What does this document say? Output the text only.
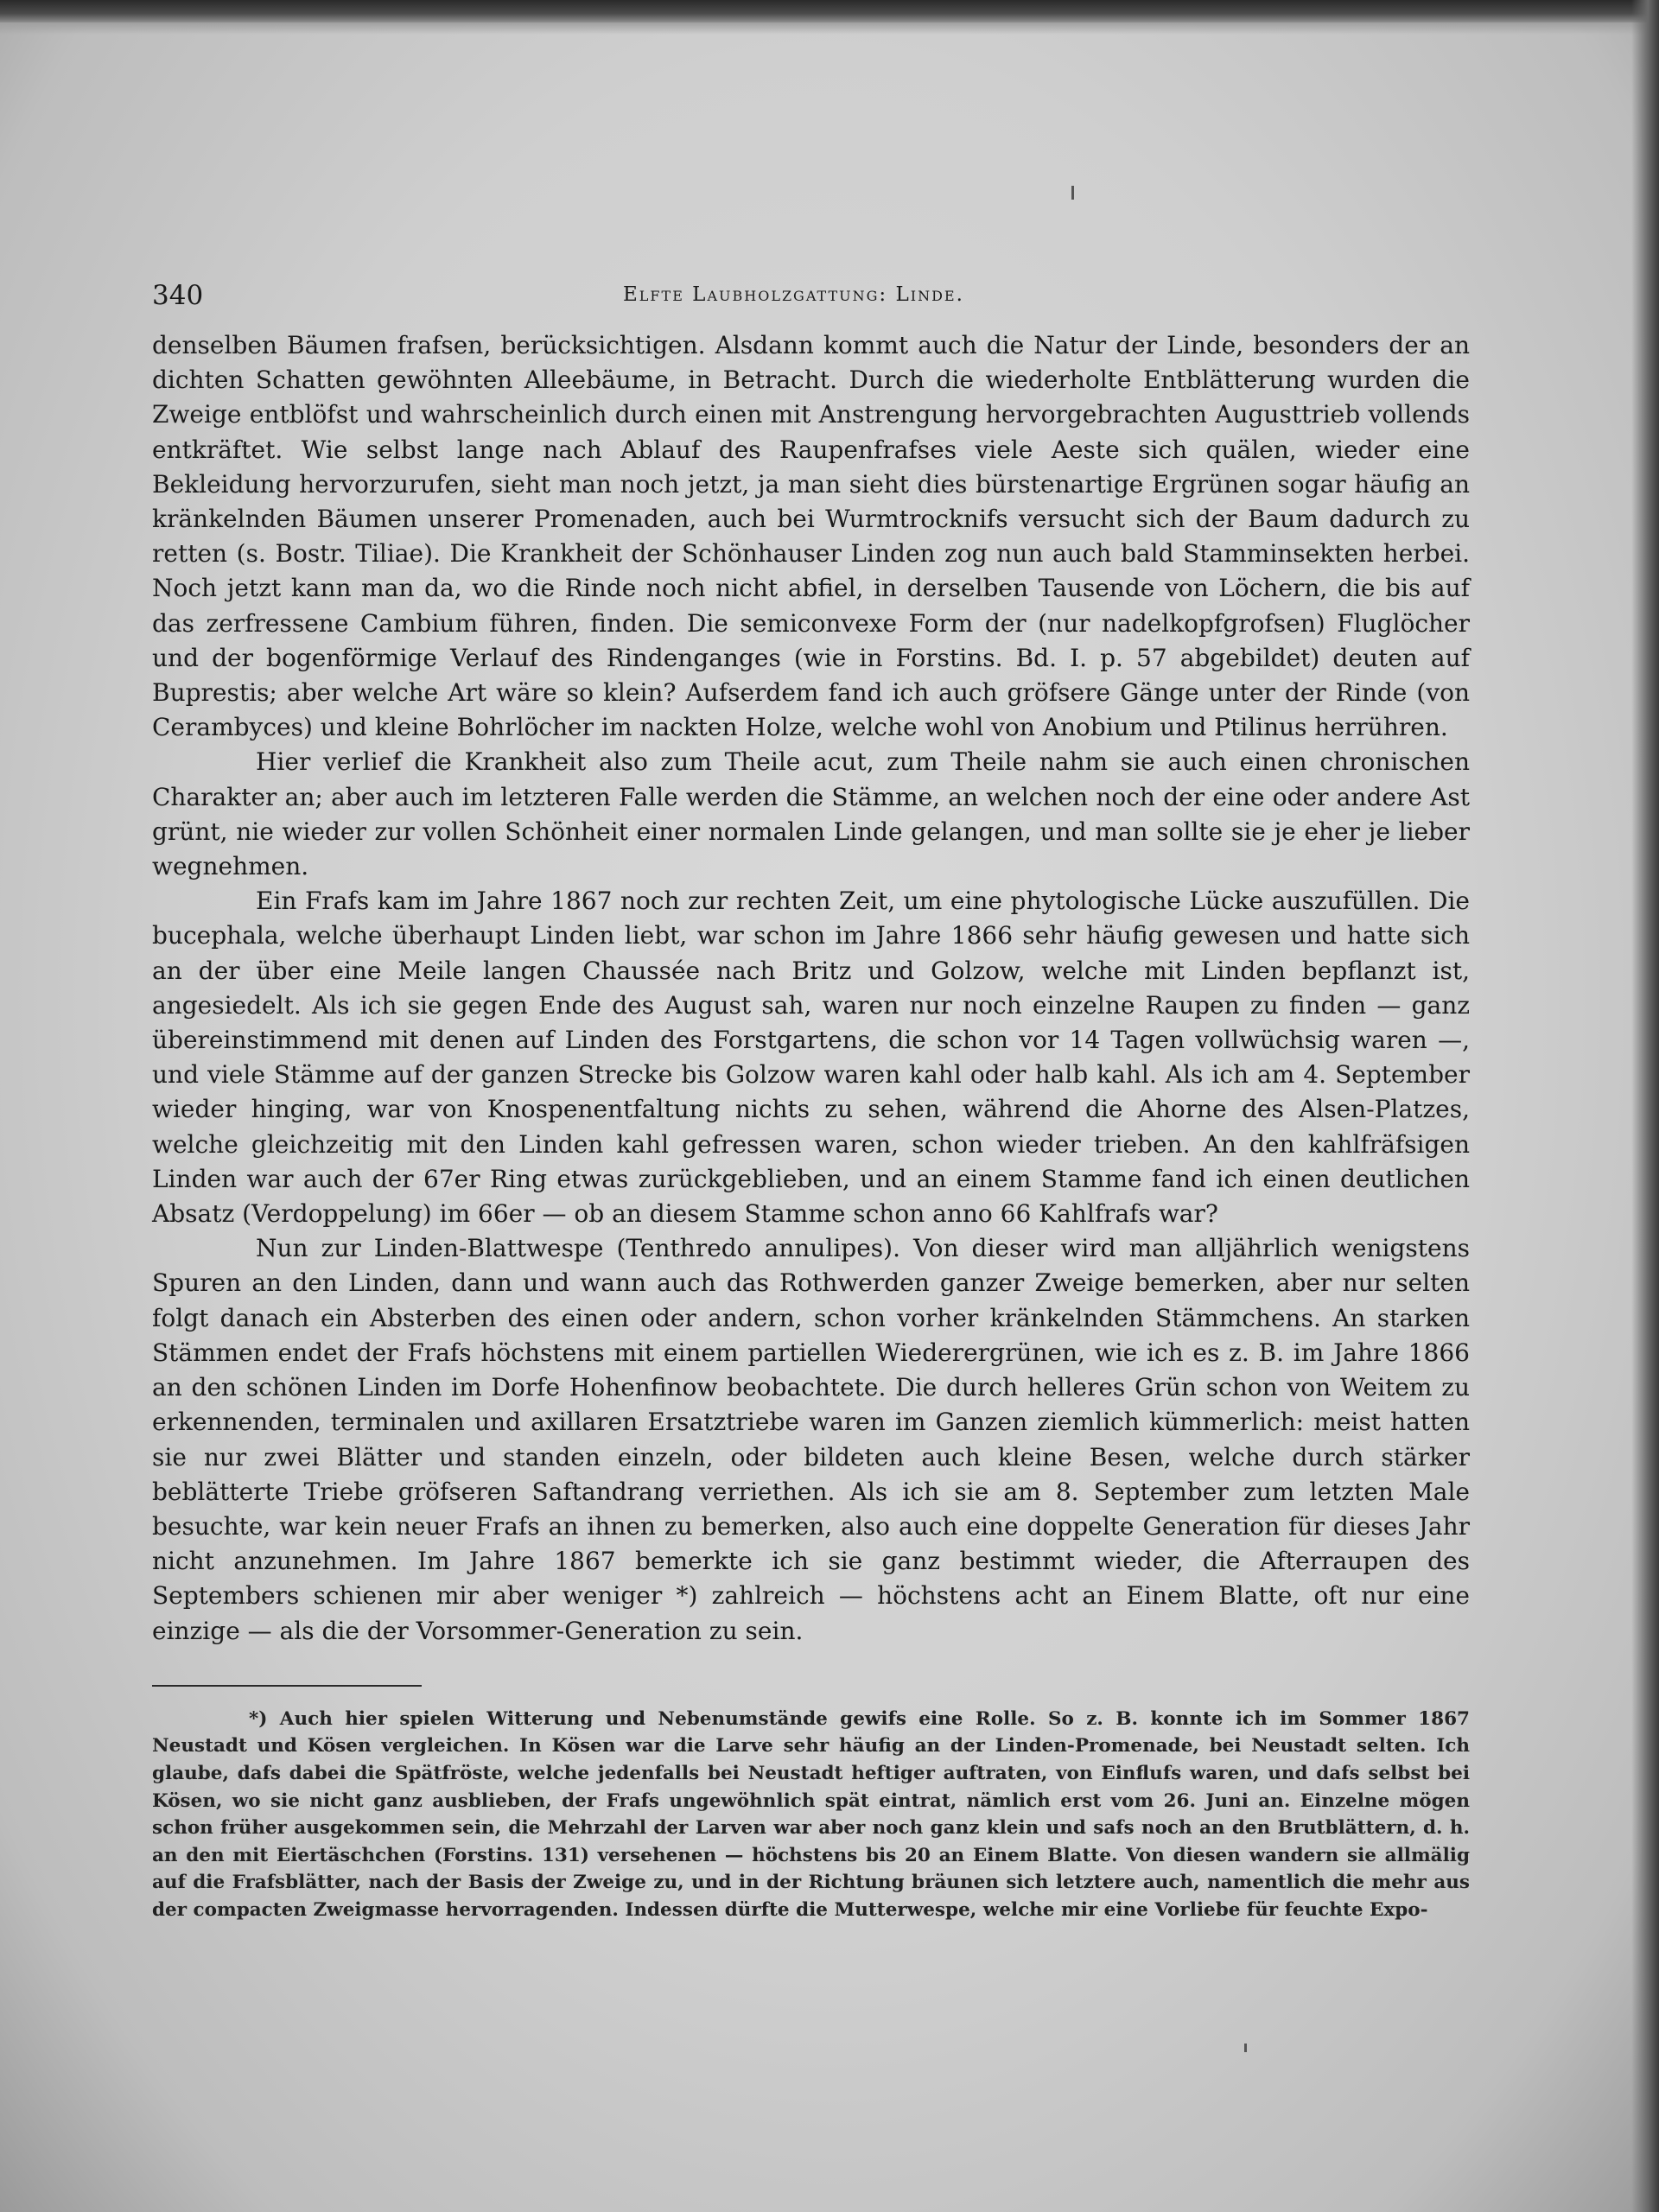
340	Elfte Laubholzgattung: Linde.

denselben Bäumen frafsen, berücksichtigen. Alsdann kommt auch die Natur der Linde, besonders der an dichten Schatten gewöhnten Alleebäume, in Betracht. Durch die wiederholte Entblätterung wurden die Zweige entblöfst und wahrscheinlich durch einen mit Anstrengung hervorgebrachten Augusttrieb vollends entkräftet. Wie selbst lange nach Ablauf des Raupenfrafses viele Aeste sich quälen, wieder eine Bekleidung hervorzurufen, sieht man noch jetzt, ja man sieht dies bürstenartige Ergrünen sogar häufig an kränkelnden Bäumen unserer Promenaden, auch bei Wurmtrocknifs versucht sich der Baum dadurch zu retten (s. Bostr. Tiliae). Die Krankheit der Schönhauser Linden zog nun auch bald Stamminsekten herbei. Noch jetzt kann man da, wo die Rinde noch nicht abfiel, in derselben Tausende von Löchern, die bis auf das zerfressene Cambium führen, finden. Die semiconvexe Form der (nur nadelkopfgrofsen) Fluglöcher und der bogenförmige Verlauf des Rindenganges (wie in Forstins. Bd. I. p. 57 abgebildet) deuten auf Buprestis; aber welche Art wäre so klein? Aufserdem fand ich auch gröfsere Gänge unter der Rinde (von Cerambyces) und kleine Bohrlöcher im nackten Holze, welche wohl von Anobium und Ptilinus herrühren.

Hier verlief die Krankheit also zum Theile acut, zum Theile nahm sie auch einen chronischen Charakter an; aber auch im letzteren Falle werden die Stämme, an welchen noch der eine oder andere Ast grünt, nie wieder zur vollen Schönheit einer normalen Linde gelangen, und man sollte sie je eher je lieber wegnehmen.

Ein Frafs kam im Jahre 1867 noch zur rechten Zeit, um eine phytologische Lücke auszufüllen. Die bucephala, welche überhaupt Linden liebt, war schon im Jahre 1866 sehr häufig gewesen und hatte sich an der über eine Meile langen Chaussée nach Britz und Golzow, welche mit Linden bepflanzt ist, angesiedelt. Als ich sie gegen Ende des August sah, waren nur noch einzelne Raupen zu finden — ganz übereinstimmend mit denen auf Linden des Forstgartens, die schon vor 14 Tagen vollwüchsig waren —, und viele Stämme auf der ganzen Strecke bis Golzow waren kahl oder halb kahl. Als ich am 4. September wieder hinging, war von Knospenentfaltung nichts zu sehen, während die Ahorne des Alsen-Platzes, welche gleichzeitig mit den Linden kahl gefressen waren, schon wieder trieben. An den kahlfräfsigen Linden war auch der 67er Ring etwas zurückgeblieben, und an einem Stamme fand ich einen deutlichen Absatz (Verdoppelung) im 66er — ob an diesem Stamme schon anno 66 Kahlfrafs war?

Nun zur Linden-Blattwespe (Tenthredo annulipes). Von dieser wird man alljährlich wenigstens Spuren an den Linden, dann und wann auch das Rothwerden ganzer Zweige bemerken, aber nur selten folgt danach ein Absterben des einen oder andern, schon vorher kränkelnden Stämmchens. An starken Stämmen endet der Frafs höchstens mit einem partiellen Wiederergrünen, wie ich es z. B. im Jahre 1866 an den schönen Linden im Dorfe Hohenfinow beobachtete. Die durch helleres Grün schon von Weitem zu erkennenden, terminalen und axillaren Ersatztriebe waren im Ganzen ziemlich kümmerlich: meist hatten sie nur zwei Blätter und standen einzeln, oder bildeten auch kleine Besen, welche durch stärker beblätterte Triebe gröfseren Saftandrang verriethen. Als ich sie am 8. September zum letzten Male besuchte, war kein neuer Frafs an ihnen zu bemerken, also auch eine doppelte Generation für dieses Jahr nicht anzunehmen. Im Jahre 1867 bemerkte ich sie ganz bestimmt wieder, die Afterraupen des Septembers schienen mir aber weniger *) zahlreich — höchstens acht an Einem Blatte, oft nur eine einzige — als die der Vorsommer-Generation zu sein.

*) Auch hier spielen Witterung und Nebenumstände gewifs eine Rolle. So z. B. konnte ich im Sommer 1867 Neustadt und Kösen vergleichen. In Kösen war die Larve sehr häufig an der Linden-Promenade, bei Neustadt selten. Ich glaube, dafs dabei die Spätfröste, welche jedenfalls bei Neustadt heftiger auftraten, von Einflufs waren, und dafs selbst bei Kösen, wo sie nicht ganz ausblieben, der Frafs ungewöhnlich spät eintrat, nämlich erst vom 26. Juni an. Einzelne mögen schon früher ausgekommen sein, die Mehrzahl der Larven war aber noch ganz klein und safs noch an den Brutblättern, d. h. an den mit Eiertäschchen (Forstins. 131) versehenen — höchstens bis 20 an Einem Blatte. Von diesen wandern sie allmälig auf die Frafsblätter, nach der Basis der Zweige zu, und in der Richtung bräunen sich letztere auch, namentlich die mehr aus der compacten Zweigmasse hervorragenden. Indessen dürfte die Mutterwespe, welche mir eine Vorliebe für feuchte Expo-
